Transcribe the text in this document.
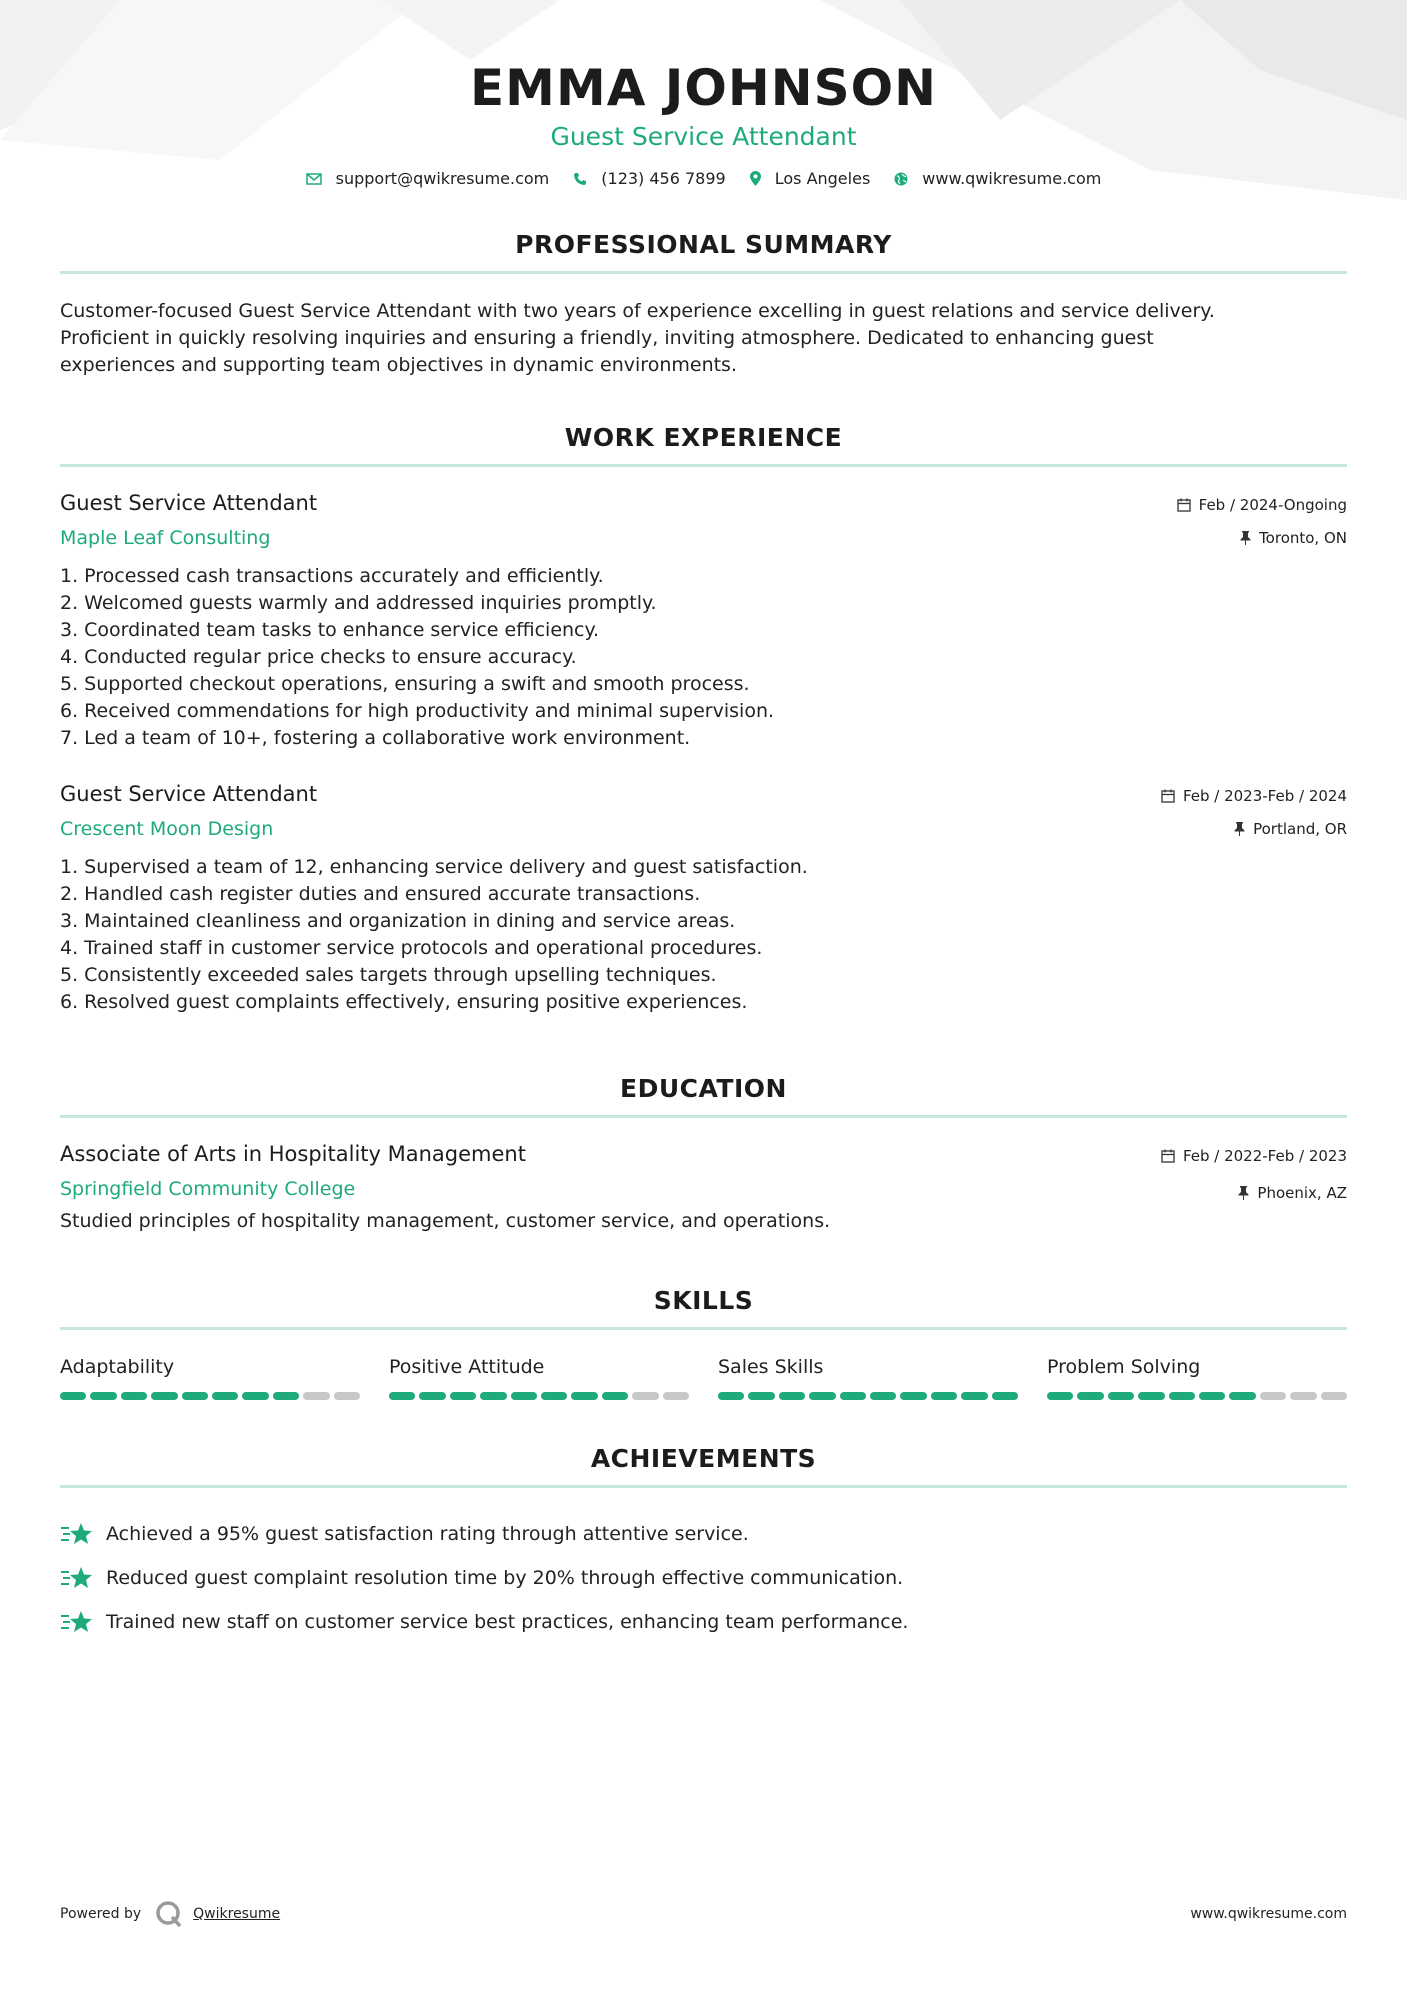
EMMA JOHNSON
Guest Service Attendant
support@qwikresume.com	(123) 456 7899	Los Angeles	www.qwikresume.com
PROFESSIONAL SUMMARY
Customer-focused Guest Service Attendant with two years of experience excelling in guest relations and service delivery.
Proficient in quickly resolving inquiries and ensuring a friendly, inviting atmosphere. Dedicated to enhancing guest
experiences and supporting team objectives in dynamic environments.
WORK EXPERIENCE
Guest Service Attendant
Maple Leaf Consulting
Feb / 2024-Ongoing
Toronto, ON
1. Processed cash transactions accurately and efficiently.
2. Welcomed guests warmly and addressed inquiries promptly.
3. Coordinated team tasks to enhance service efficiency.
4. Conducted regular price checks to ensure accuracy.
5. Supported checkout operations, ensuring a swift and smooth process.
6. Received commendations for high productivity and minimal supervision.
7. Led a team of 10+, fostering a collaborative work environment.
Guest Service Attendant
Crescent Moon Design
Feb / 2023-Feb / 2024
Portland, OR
1. Supervised a team of 12, enhancing service delivery and guest satisfaction.
2. Handled cash register duties and ensured accurate transactions.
3. Maintained cleanliness and organization in dining and service areas.
4. Trained staff in customer service protocols and operational procedures.
5. Consistently exceeded sales targets through upselling techniques.
6. Resolved guest complaints effectively, ensuring positive experiences.
EDUCATION
Associate of Arts in Hospitality Management
Springfield Community College
Feb / 2022-Feb / 2023
Phoenix, AZ
Studied principles of hospitality management, customer service, and operations.
SKILLS
Adaptability	Positive Attitude	Sales Skills	Problem Solving
ACHIEVEMENTS
Achieved a 95% guest satisfaction rating through attentive service.
Reduced guest complaint resolution time by 20% through effective communication.
Trained new staff on customer service best practices, enhancing team performance.
Powered by	Qwikresume	www.qwikresume.com
